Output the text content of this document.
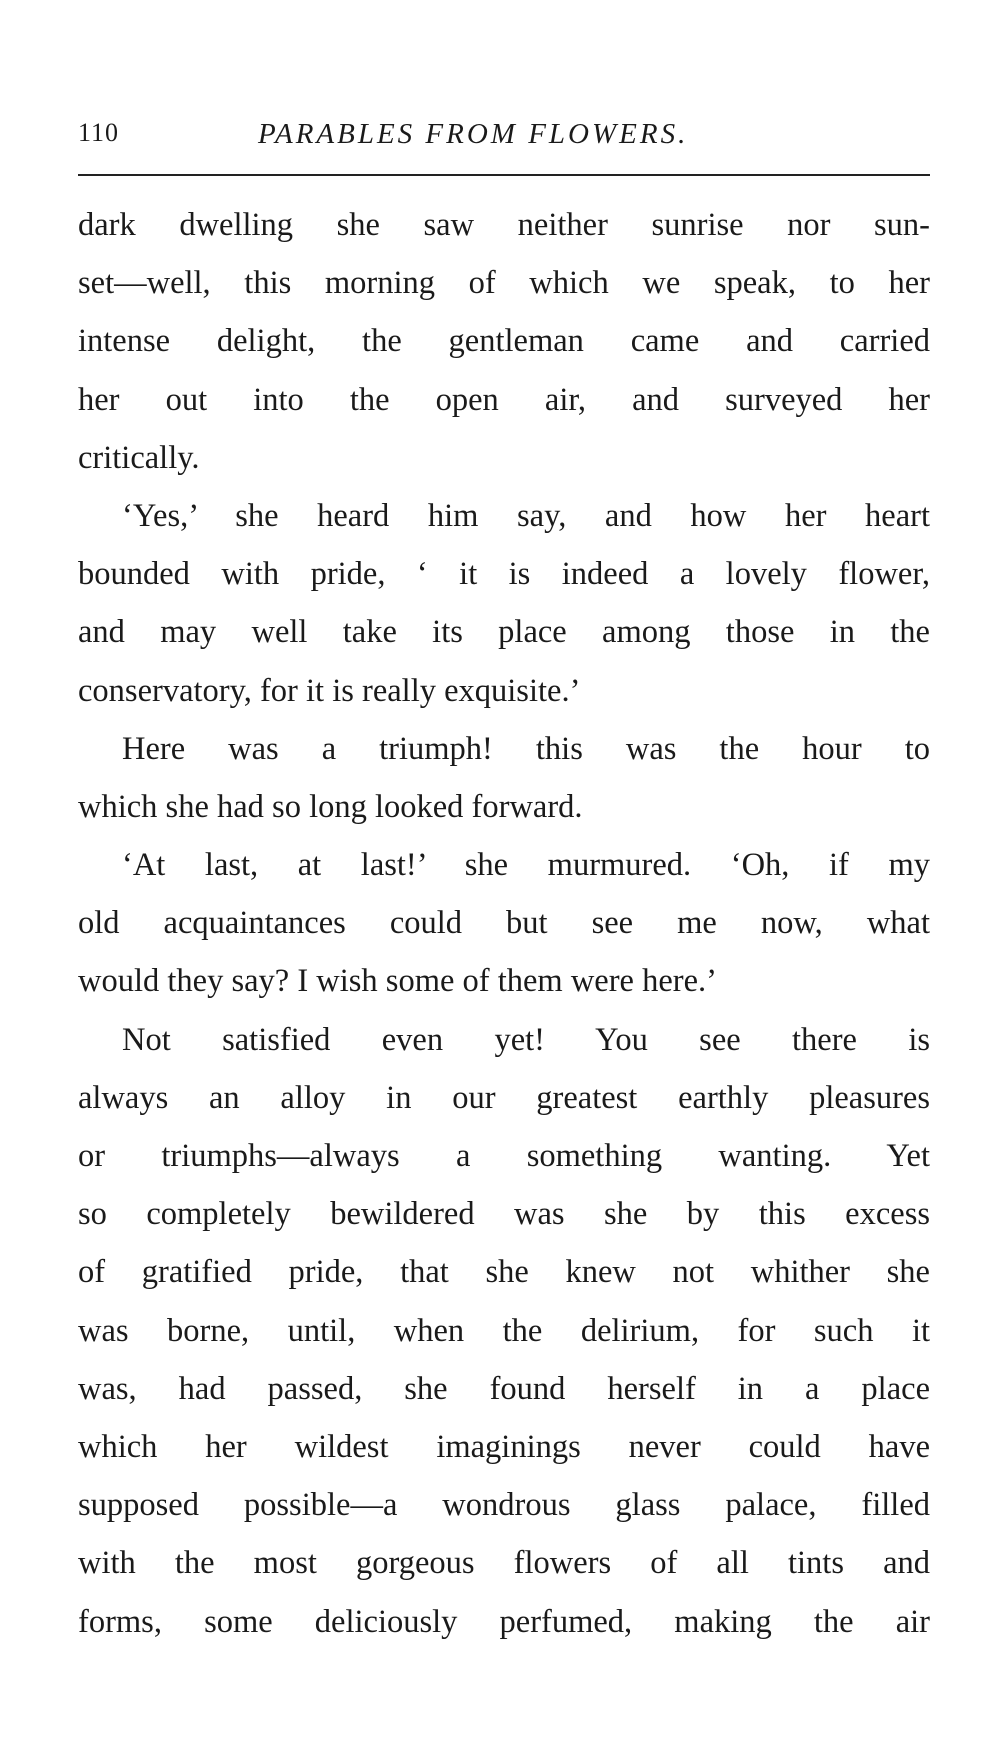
110	PARABLES FROM FLOWERS.
dark dwelling she saw neither sunrise nor sun-
set—well, this morning of which we speak, to her
intense delight, the gentleman came and carried
her out into the open air, and surveyed her
critically.
‘Yes,’ she heard him say, and how her heart
bounded with pride, ‘ it is indeed a lovely flower,
and may well take its place among those in the
conservatory, for it is really exquisite.’
Here was a triumph! this was the hour to
which she had so long looked forward.
‘At last, at last!’ she murmured. ‘Oh, if my
old acquaintances could but see me now, what
would they say? I wish some of them were here.’
Not satisfied even yet! You see there is
always an alloy in our greatest earthly pleasures
or triumphs—always a something wanting. Yet
so completely bewildered was she by this excess
of gratified pride, that she knew not whither she
was borne, until, when the delirium, for such it
was, had passed, she found herself in a place
which her wildest imaginings never could have
supposed possible—a wondrous glass palace, filled
with the most gorgeous flowers of all tints and
forms, some deliciously perfumed, making the air
